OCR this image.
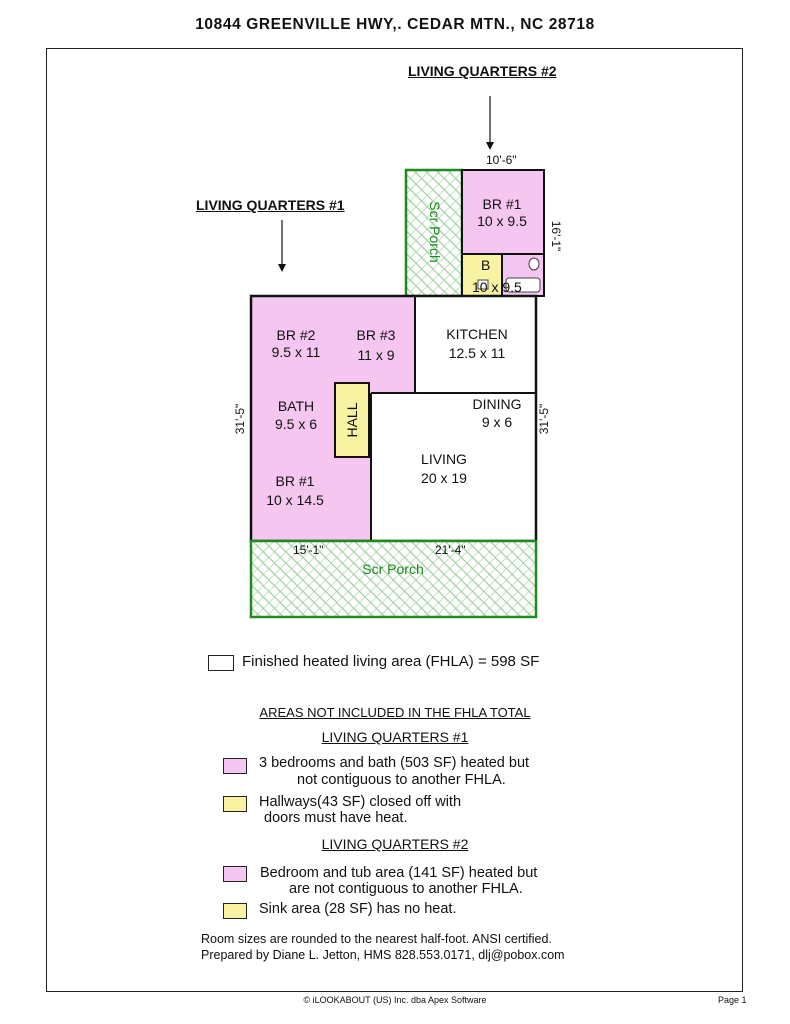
10844 GREENVILLE HWY,. CEDAR MTN., NC 28718
Scr Porch	16'-1"
31'-5"	31'-5"
HALL
LIVING QUARTERS #2
LIVING QUARTERS #1
10'-6"
BR #1
10 x 9.5
B
10 x 9.5
BR #2
9.5 x 11
BR #3
11 x 9
KITCHEN
12.5 x 11
BATH
9.5 x 6
DINING
9 x 6
LIVING
20 x 19
BR #1
10 x 14.5
15'-1"	21'-4"
Scr Porch
Finished heated living area (FHLA) = 598 SF
AREAS NOT INCLUDED IN THE FHLA TOTAL
LIVING QUARTERS #1
3 bedrooms and bath (503 SF) heated but
not contiguous to another FHLA.
Hallways(43 SF) closed off with
doors must have heat.
LIVING QUARTERS #2
Bedroom and tub area (141 SF) heated but
are not contiguous to another FHLA.
Sink area (28 SF) has no heat.
Room sizes are rounded to the nearest half-foot. ANSI certified.
Prepared by Diane L. Jetton, HMS 828.553.0171, dlj@pobox.com
© iLOOKABOUT (US) Inc. dba Apex Software	Page 1
